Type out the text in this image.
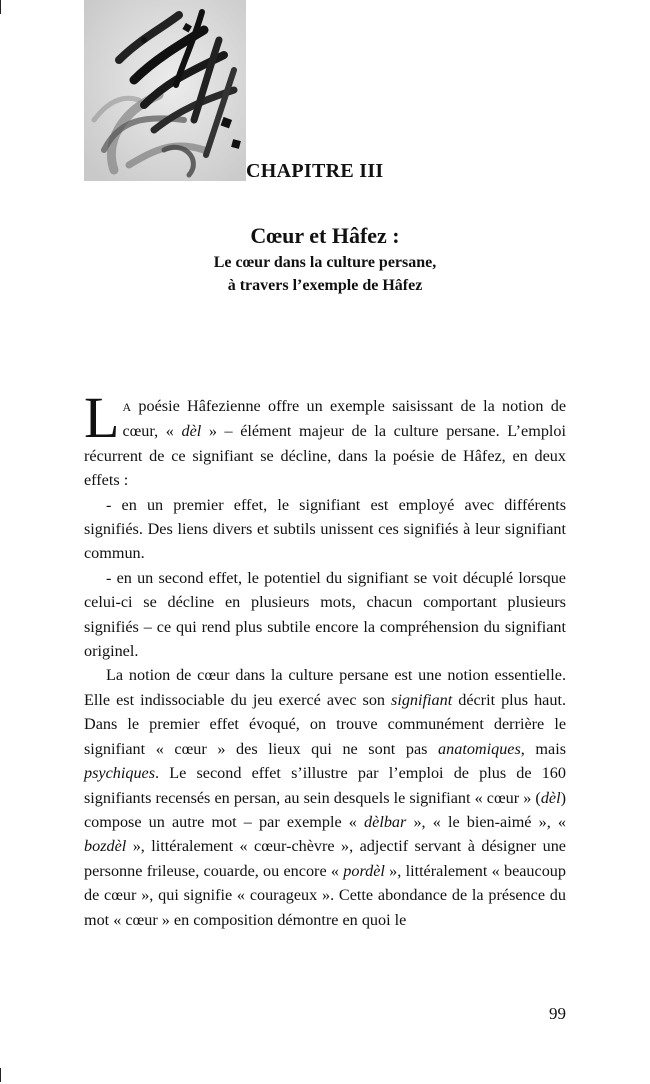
CHAPITRE III
Cœur et Hâfez :

Le cœur dans la culture persane,

à travers l’exemple de Hâfez

LA poésie Hâfezienne offre un exemple saisissant de la notion de cœur, « dèl » – élément majeur de la culture persane. L’emploi récurrent de ce signifiant se décline, dans la poésie de Hâfez, en deux effets :

- en un premier effet, le signifiant est employé avec différents signifiés. Des liens divers et subtils unissent ces signifiés à leur signifiant commun.

- en un second effet, le potentiel du signifiant se voit décuplé lorsque celui-ci se décline en plusieurs mots, chacun comportant plusieurs signifiés – ce qui rend plus subtile encore la compréhension du signifiant originel.

La notion de cœur dans la culture persane est une notion essentielle. Elle est indissociable du jeu exercé avec son signifiant décrit plus haut. Dans le premier effet évoqué, on trouve communément derrière le signifiant « cœur » des lieux qui ne sont pas anatomiques, mais psychiques. Le second effet s’illustre par l’emploi de plus de 160 signifiants recensés en persan, au sein desquels le signifiant « cœur » (dèl) compose un autre mot – par exemple « dèlbar », « le bien-aimé », « bozdèl », littéralement « cœur-chèvre », adjectif servant à désigner une personne frileuse, couarde, ou encore « pordèl », littéralement « beaucoup de cœur », qui signifie « courageux ». Cette abondance de la présence du mot « cœur » en composition démontre en quoi le

99
